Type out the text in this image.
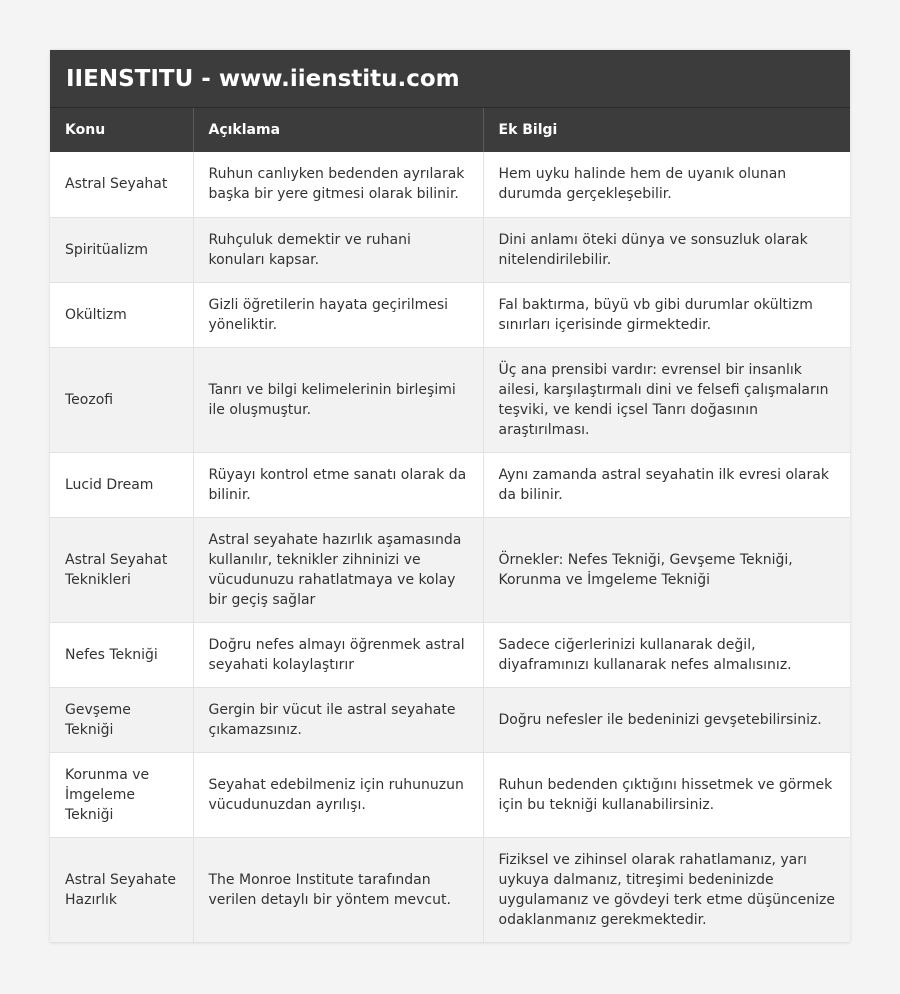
IIENSTITU - www.iienstitu.com
Konu	Açıklama	Ek Bilgi
Astral Seyahat	Ruhun canlıyken bedenden ayrılarak başka bir yere gitmesi olarak bilinir.	Hem uyku halinde hem de uyanık olunan durumda gerçekleşebilir.
Spiritüalizm	Ruhçuluk demektir ve ruhani konuları kapsar.	Dini anlamı öteki dünya ve sonsuzluk olarak nitelendirilebilir.
Okültizm	Gizli öğretilerin hayata geçirilmesi yöneliktir.	Fal baktırma, büyü vb gibi durumlar okültizm sınırları içerisinde girmektedir.
Teozofi	Tanrı ve bilgi kelimelerinin birleşimi ile oluşmuştur.	Üç ana prensibi vardır: evrensel bir insanlık ailesi, karşılaştırmalı dini ve felsefi çalışmaların teşviki, ve kendi içsel Tanrı doğasının araştırılması.
Lucid Dream	Rüyayı kontrol etme sanatı olarak da bilinir.	Aynı zamanda astral seyahatin ilk evresi olarak da bilinir.
Astral Seyahat Teknikleri	Astral seyahate hazırlık aşamasında kullanılır, teknikler zihninizi ve vücudunuzu rahatlatmaya ve kolay bir geçiş sağlar	Örnekler: Nefes Tekniği, Gevşeme Tekniği, Korunma ve İmgeleme Tekniği
Nefes Tekniği	Doğru nefes almayı öğrenmek astral seyahati kolaylaştırır	Sadece ciğerlerinizi kullanarak değil, diyaframınızı kullanarak nefes almalısınız.
Gevşeme Tekniği	Gergin bir vücut ile astral seyahate çıkamazsınız.	Doğru nefesler ile bedeninizi gevşetebilirsiniz.
Korunma ve İmgeleme Tekniği	Seyahat edebilmeniz için ruhunuzun vücudunuzdan ayrılışı.	Ruhun bedenden çıktığını hissetmek ve görmek için bu tekniği kullanabilirsiniz.
Astral Seyahate Hazırlık	The Monroe Institute tarafından verilen detaylı bir yöntem mevcut.	Fiziksel ve zihinsel olarak rahatlamanız, yarı uykuya dalmanız, titreşimi bedeninizde uygulamanız ve gövdeyi terk etme düşüncenize odaklanmanız gerekmektedir.
